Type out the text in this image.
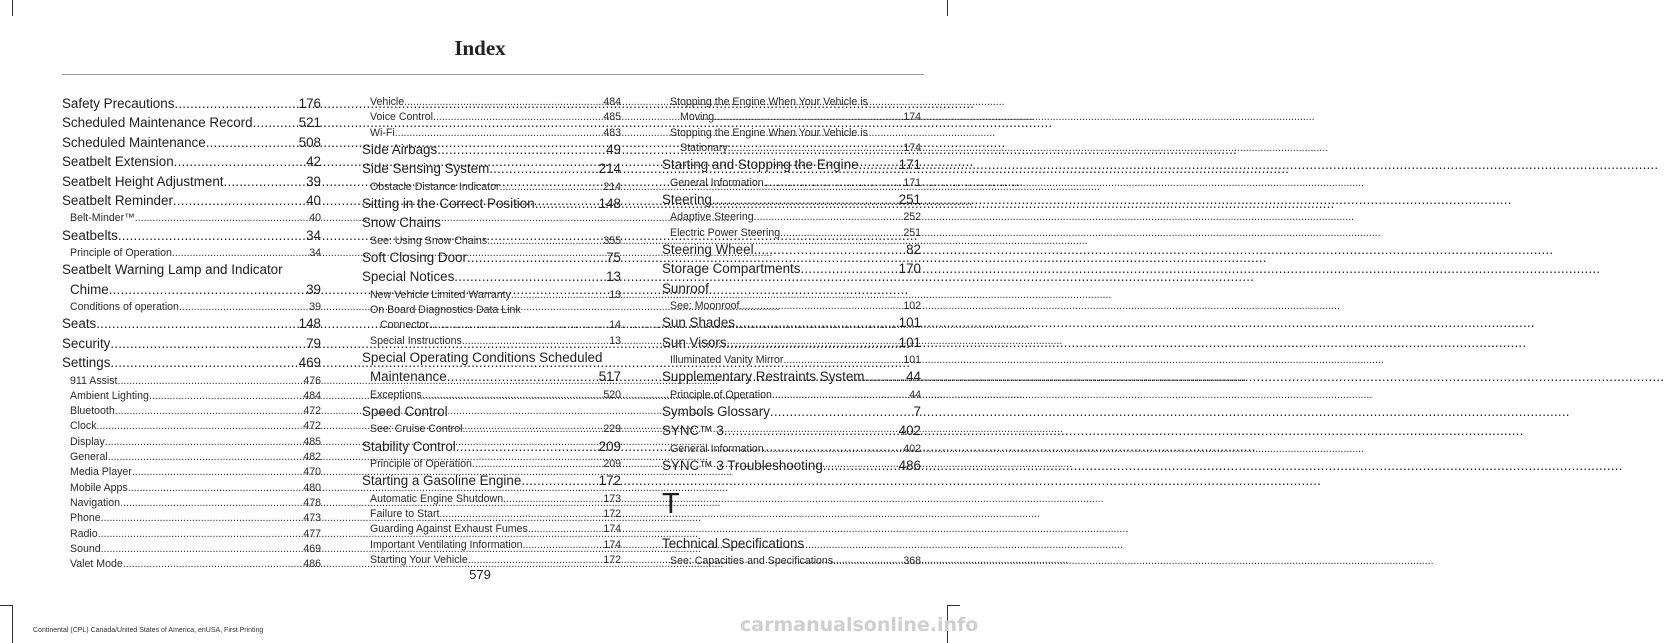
Index
Safety Precautions .....	176
Scheduled Maintenance Record .....	521
Scheduled Maintenance .....	508
Seatbelt Extension .....	42
Seatbelt Height Adjustment .....	39
Seatbelt Reminder .....	40
Belt-Minder™ .....	40
Seatbelts .....	34
Principle of Operation .....	34
Seatbelt Warning Lamp and Indicator
Chime .....	39
Conditions of operation .....	39
Seats .....	148
Security .....	79
Settings .....	469
911 Assist .....	476
Ambient Lighting .....	484
Bluetooth .....	472
Clock .....	472
Display .....	485
General .....	482
Media Player .....	470
Mobile Apps .....	480
Navigation .....	478
Phone .....	473
Radio .....	477
Sound .....	469
Valet Mode .....	486
Vehicle .....	484
Voice Control .....	485
Wi-Fi .....	483
Side Airbags .....	49
Side Sensing System .....	214
Obstacle Distance Indicator .....	214
Sitting in the Correct Position .....	148
Snow Chains
See: Using Snow Chains .....	355
Soft Closing Door .....	75
Special Notices .....	13
New Vehicle Limited Warranty .....	13
On Board Diagnostics Data Link
Connector .....	14
Special Instructions .....	13
Special Operating Conditions Scheduled
Maintenance .....	517
Exceptions .....	520
Speed Control
See: Cruise Control .....	229
Stability Control .....	209
Principle of Operation .....	209
Starting a Gasoline Engine .....	172
Automatic Engine Shutdown .....	173
Failure to Start .....	172
Guarding Against Exhaust Fumes .....	174
Important Ventilating Information .....	174
Starting Your Vehicle .....	172
Stopping the Engine When Your Vehicle is
Moving .....	174
Stopping the Engine When Your Vehicle is
Stationary .....	174
Starting and Stopping the Engine .....	171
General Information .....	171
Steering .....	251
Adaptive Steering .....	252
Electric Power Steering .....	251
Steering Wheel .....	82
Storage Compartments .....	170
Sunroof
See: Moonroof .....	102
Sun Shades .....	101
Sun Visors .....	101
Illuminated Vanity Mirror .....	101
Supplementary Restraints System .....	44
Principle of Operation .....	44
Symbols Glossary .....	7
SYNC™ 3 .....	402
General Information .....	402
SYNC™ 3 Troubleshooting .....	486
T
Technical Specifications
See: Capacities and Specifications .....	368
579
Continental (CPL) Canada/United States of America, enUSA, First Printing	carmanualsonline.info
